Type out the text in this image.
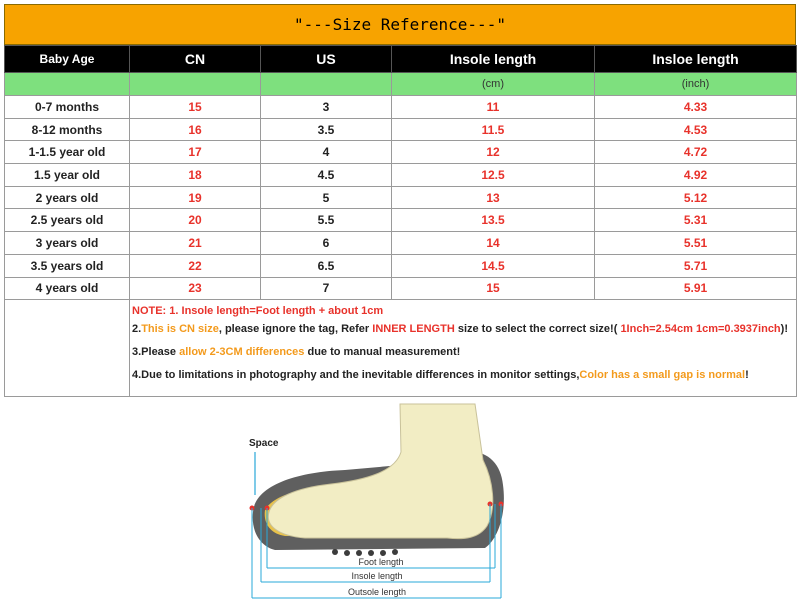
"---Size Reference---"
Baby Age	CN	US	Insole length	Insloe length
			(cm)	(inch)
0-7 months	15	3	11	4.33
8-12 months	16	3.5	11.5	4.53
1-1.5 year old	17	4	12	4.72
1.5 year old	18	4.5	12.5	4.92
2 years old	19	5	13	5.12
2.5 years old	20	5.5	13.5	5.31
3 years old	21	6	14	5.51
3.5 years old	22	6.5	14.5	5.71
4 years old	23	7	15	5.91

	NOTE: 1. Insole length=Foot length + about 1cm
2.This is CN size, please ignore the tag, Refer INNER LENGTH size to select the correct size!( 1Inch=2.54cm 1cm=0.3937inch)!
3.Please allow 2-3CM differences due to manual measurement!
4.Due to limitations in photography and the inevitable differences in monitor settings,Color has a small gap is normal!			
Space
Foot length
Insole length
Outsole length
